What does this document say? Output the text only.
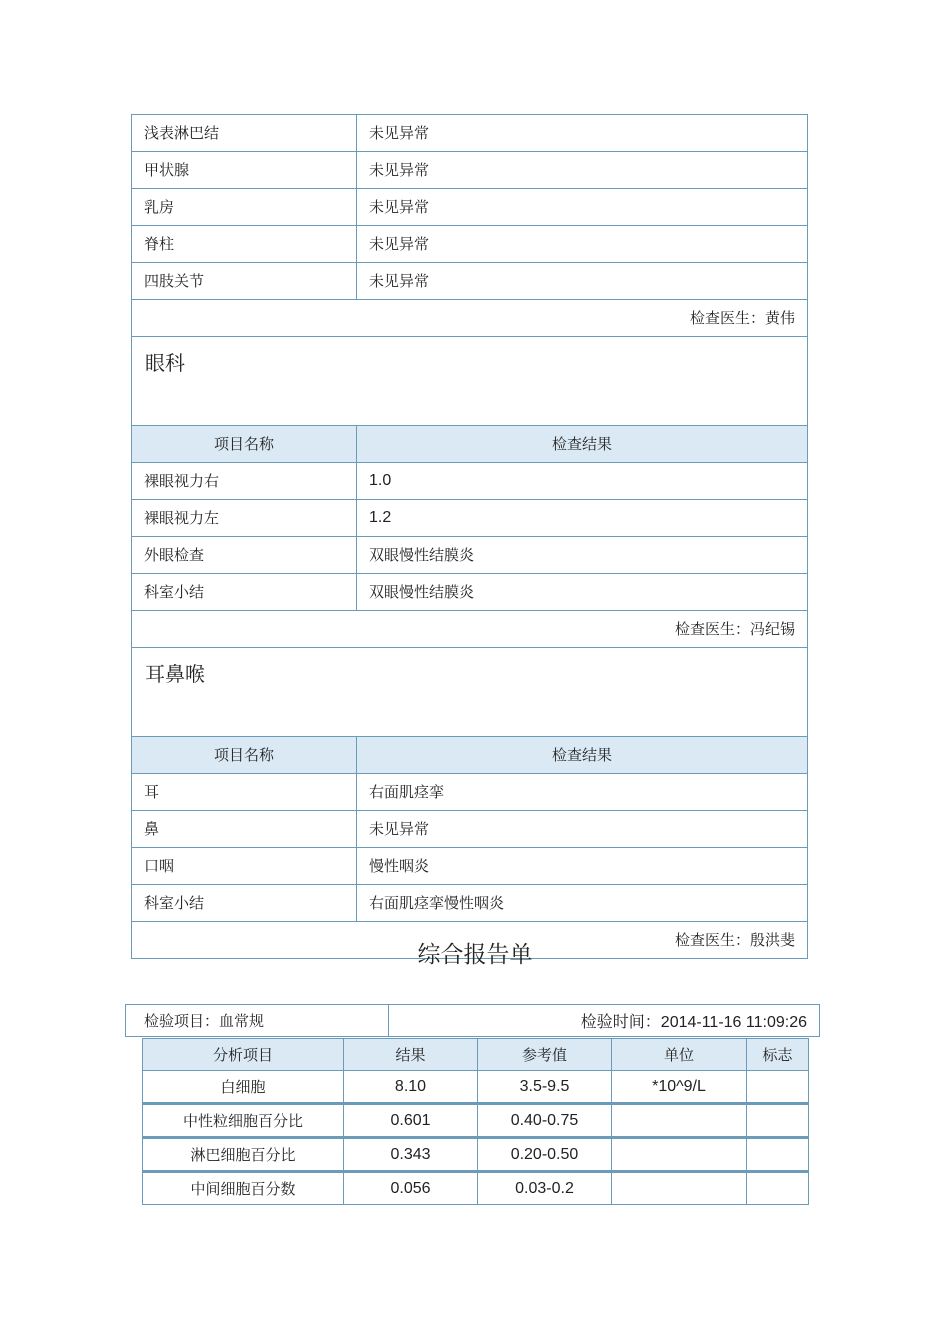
浅表淋巴结	未见异常
甲状腺	未见异常
乳房	未见异常
脊柱	未见异常
四肢关节	未见异常
检查医生：黄伟	
眼科	
项目名称	检查结果
裸眼视力右	1.0
裸眼视力左	1.2
外眼检查	双眼慢性结膜炎
科室小结	双眼慢性结膜炎
检查医生：冯纪锡	
耳鼻喉	
项目名称	检查结果
耳	右面肌痉挛
鼻	未见异常
口咽	慢性咽炎
科室小结	右面肌痉挛慢性咽炎
检查医生：殷洪斐	
综合报告单
检验项目：血常规	检验时间：2014-11-16 11:09:26
分析项目	结果	参考值	单位	标志
白细胞	8.10	3.5-9.5	*10^9/L	
中性粒细胞百分比	0.601	0.40-0.75		
淋巴细胞百分比	0.343	0.20-0.50		
中间细胞百分数	0.056	0.03-0.2		
